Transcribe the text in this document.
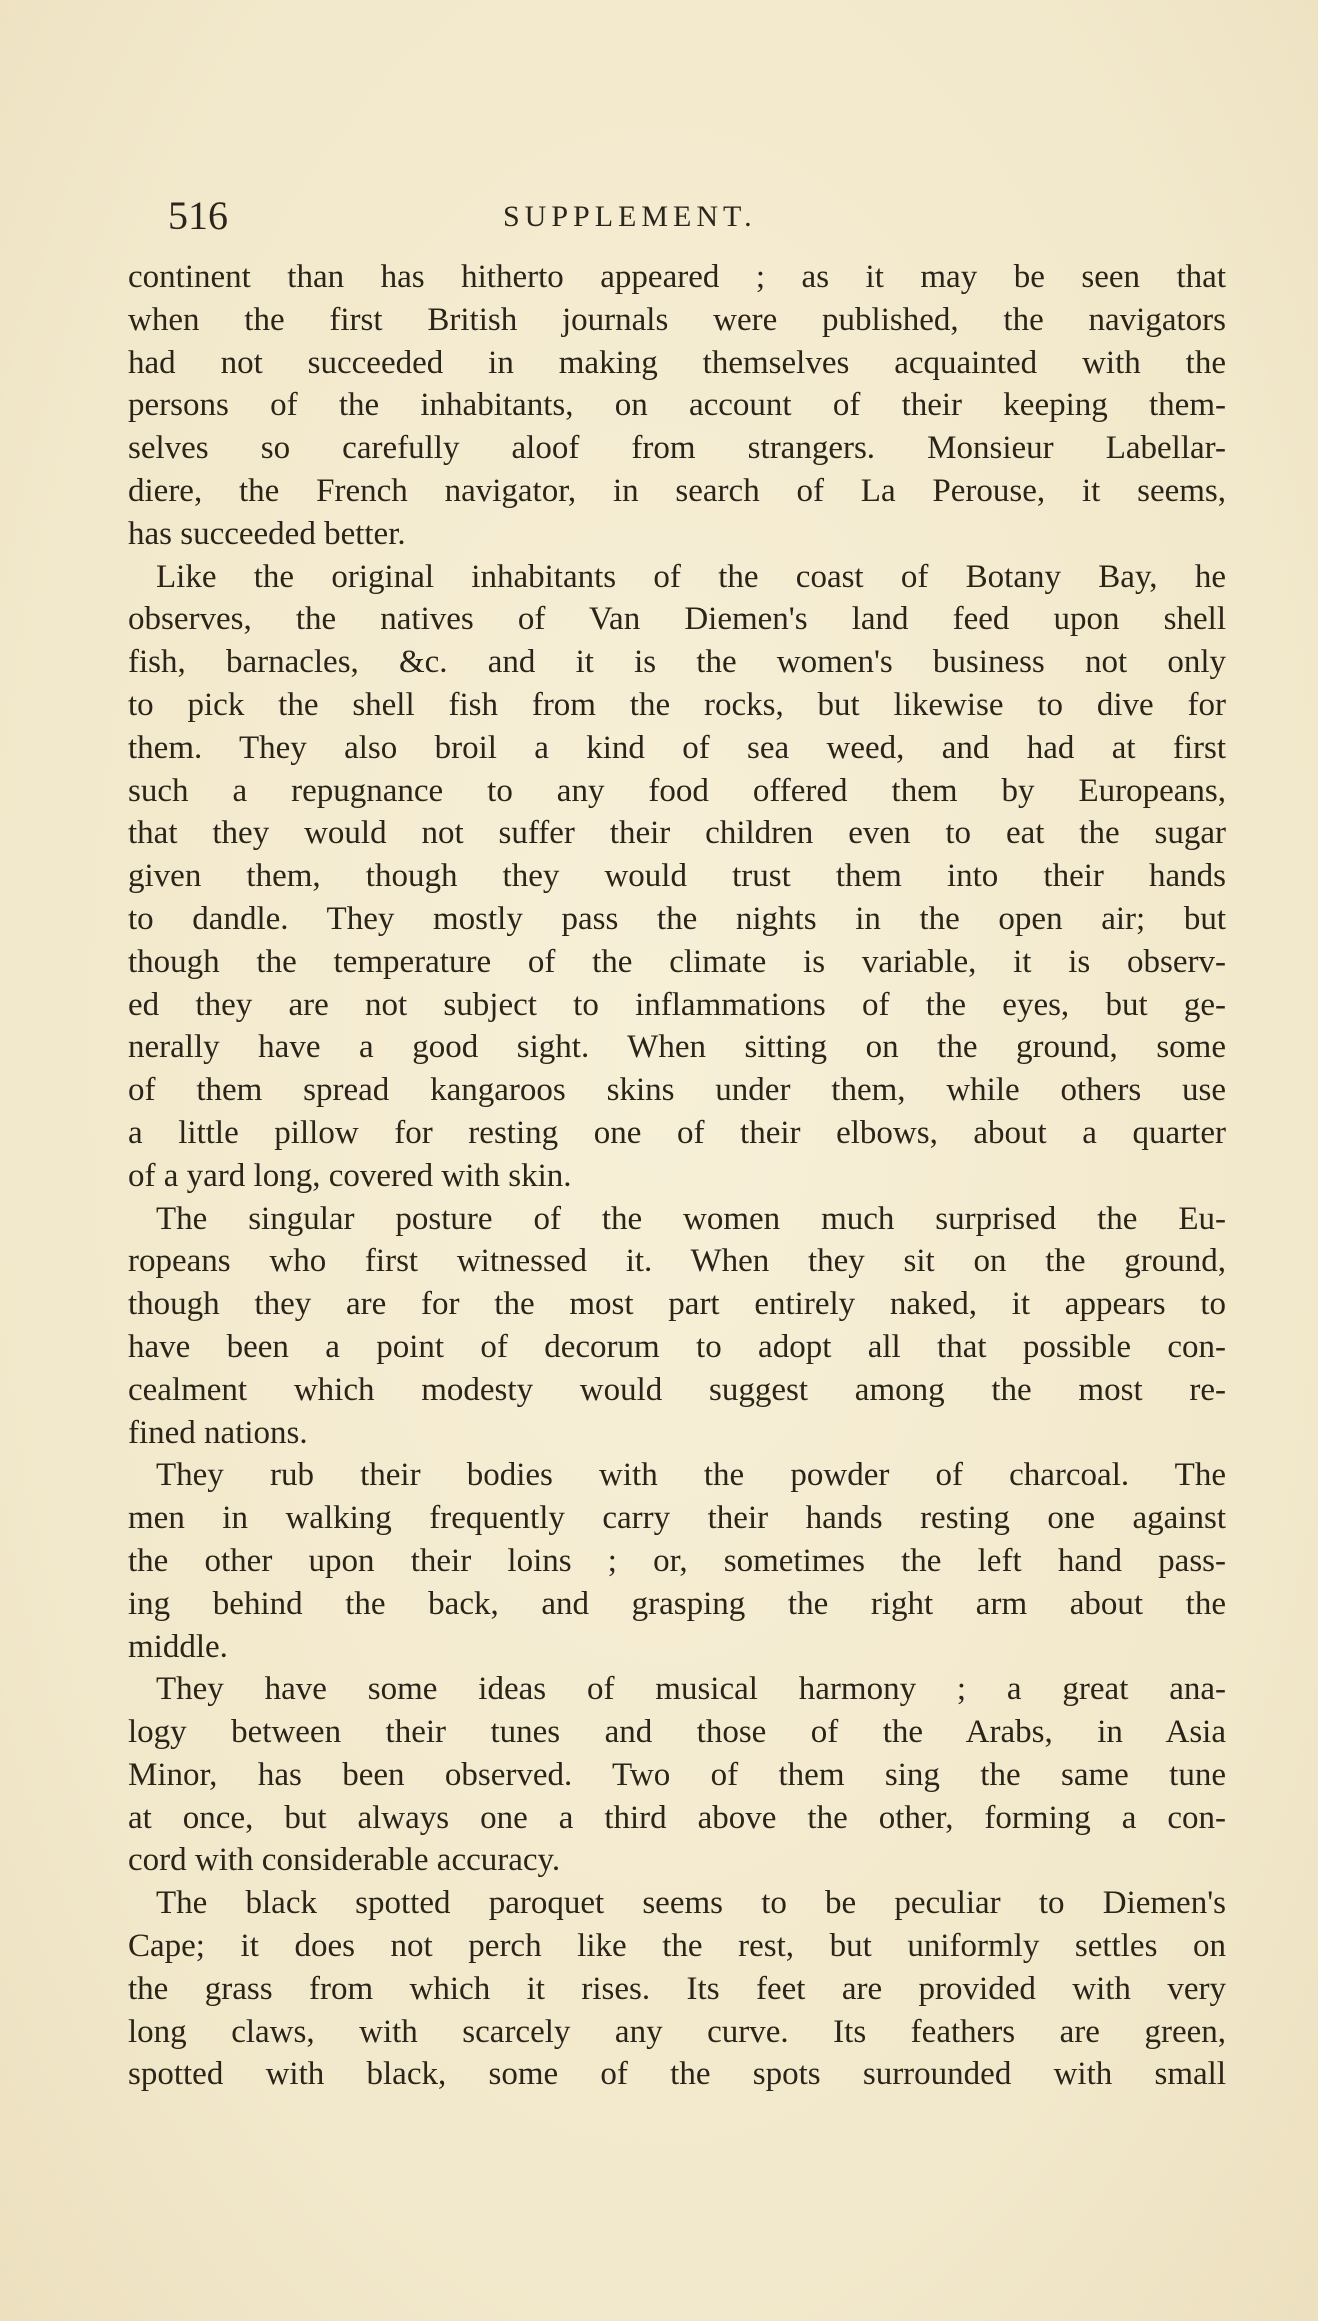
516	SUPPLEMENT.

continent than has hitherto appeared ; as it may be seen that
when the first British journals were published, the navigators
had not succeeded in making themselves acquainted with the
persons of the inhabitants, on account of their keeping them-
selves so carefully aloof from strangers. Monsieur Labellar-
diere, the French navigator, in search of La Perouse, it seems,
has succeeded better.

Like the original inhabitants of the coast of Botany Bay, he
observes, the natives of Van Diemen's land feed upon shell
fish, barnacles, &c. and it is the women's business not only
to pick the shell fish from the rocks, but likewise to dive for
them. They also broil a kind of sea weed, and had at first
such a repugnance to any food offered them by Europeans,
that they would not suffer their children even to eat the sugar
given them, though they would trust them into their hands
to dandle. They mostly pass the nights in the open air; but
though the temperature of the climate is variable, it is observ-
ed they are not subject to inflammations of the eyes, but ge-
nerally have a good sight. When sitting on the ground, some
of them spread kangaroos skins under them, while others use
a little pillow for resting one of their elbows, about a quarter
of a yard long, covered with skin.

The singular posture of the women much surprised the Eu-
ropeans who first witnessed it. When they sit on the ground,
though they are for the most part entirely naked, it appears to
have been a point of decorum to adopt all that possible con-
cealment which modesty would suggest among the most re-
fined nations.

They rub their bodies with the powder of charcoal. The
men in walking frequently carry their hands resting one against
the other upon their loins ; or, sometimes the left hand pass-
ing behind the back, and grasping the right arm about the
middle.

They have some ideas of musical harmony ; a great ana-
logy between their tunes and those of the Arabs, in Asia
Minor, has been observed. Two of them sing the same tune
at once, but always one a third above the other, forming a con-
cord with considerable accuracy.

The black spotted paroquet seems to be peculiar to Diemen's
Cape; it does not perch like the rest, but uniformly settles on
the grass from which it rises. Its feet are provided with very
long claws, with scarcely any curve. Its feathers are green,
spotted with black, some of the spots surrounded with small
